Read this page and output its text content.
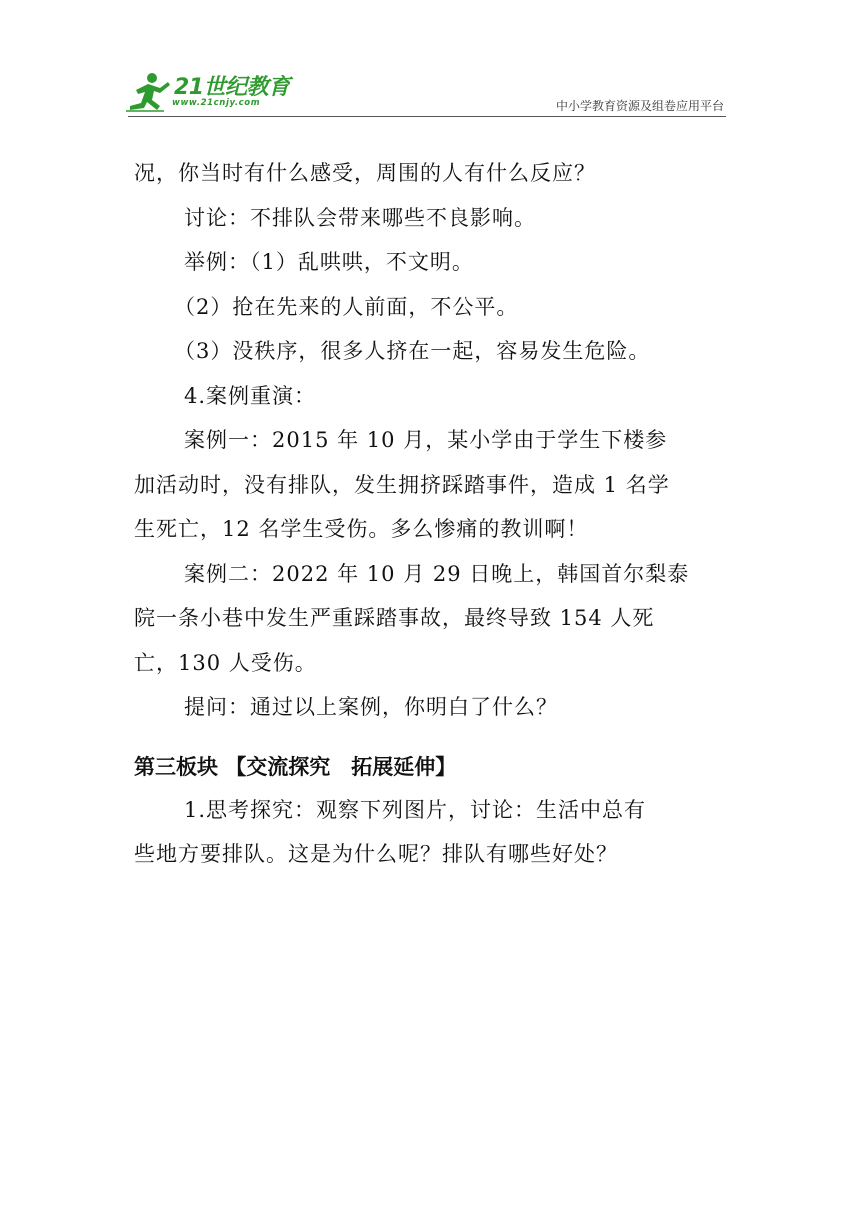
21世纪教育
www.21cnjy.com	中小学教育资源及组卷应用平台
况，你当时有什么感受，周围的人有什么反应？
讨论：不排队会带来哪些不良影响。
举例：（1）乱哄哄，不文明。
（2）抢在先来的人前面，不公平。
（3）没秩序，很多人挤在一起，容易发生危险。
4.案例重演：
案例一：2015 年 10 月，某小学由于学生下楼参
加活动时，没有排队，发生拥挤踩踏事件，造成 1 名学
生死亡，12 名学生受伤。多么惨痛的教训啊！
案例二：2022 年 10 月 29 日晚上，韩国首尔梨泰
院一条小巷中发生严重踩踏事故，最终导致 154 人死
亡，130 人受伤。
提问：通过以上案例，你明白了什么？
第三板块 【交流探究　拓展延伸】
1.思考探究：观察下列图片，讨论：生活中总有
些地方要排队。这是为什么呢？排队有哪些好处？
